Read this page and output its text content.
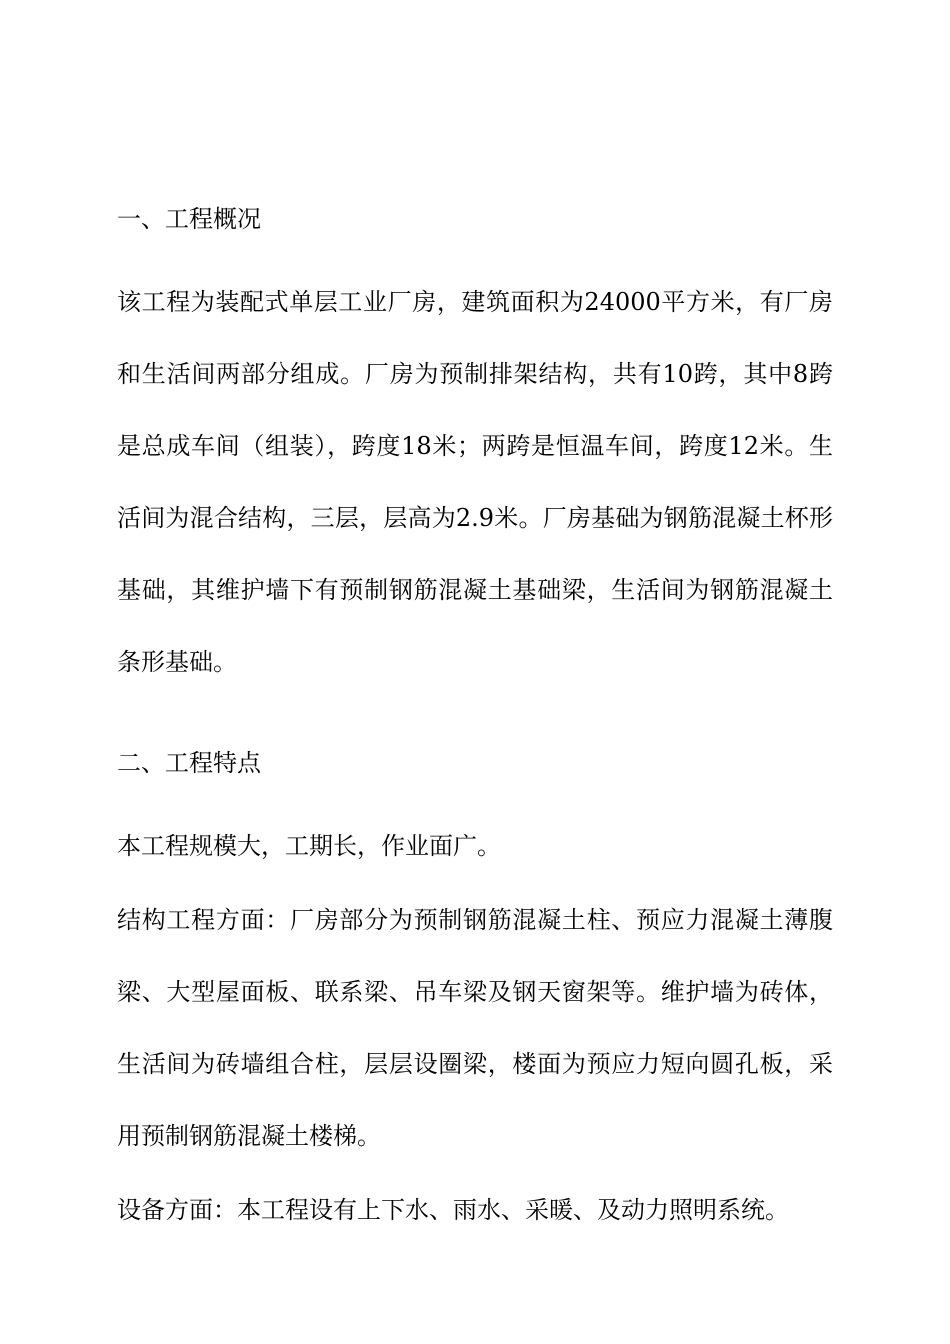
一、工程概况

该工程为装配式单层工业厂房，建筑面积为24000平方米，有厂房和生活间两部分组成。厂房为预制排架结构，共有10跨，其中8跨是总成车间（组装），跨度18米；两跨是恒温车间，跨度12米。生活间为混合结构，三层，层高为2.9米。厂房基础为钢筋混凝土杯形基础，其维护墙下有预制钢筋混凝土基础梁，生活间为钢筋混凝土条形基础。

二、工程特点

本工程规模大，工期长，作业面广。

结构工程方面：厂房部分为预制钢筋混凝土柱、预应力混凝土薄腹梁、大型屋面板、联系梁、吊车梁及钢天窗架等。维护墙为砖体，生活间为砖墙组合柱，层层设圈梁，楼面为预应力短向圆孔板，采用预制钢筋混凝土楼梯。

设备方面：本工程设有上下水、雨水、采暖、及动力照明系统。
